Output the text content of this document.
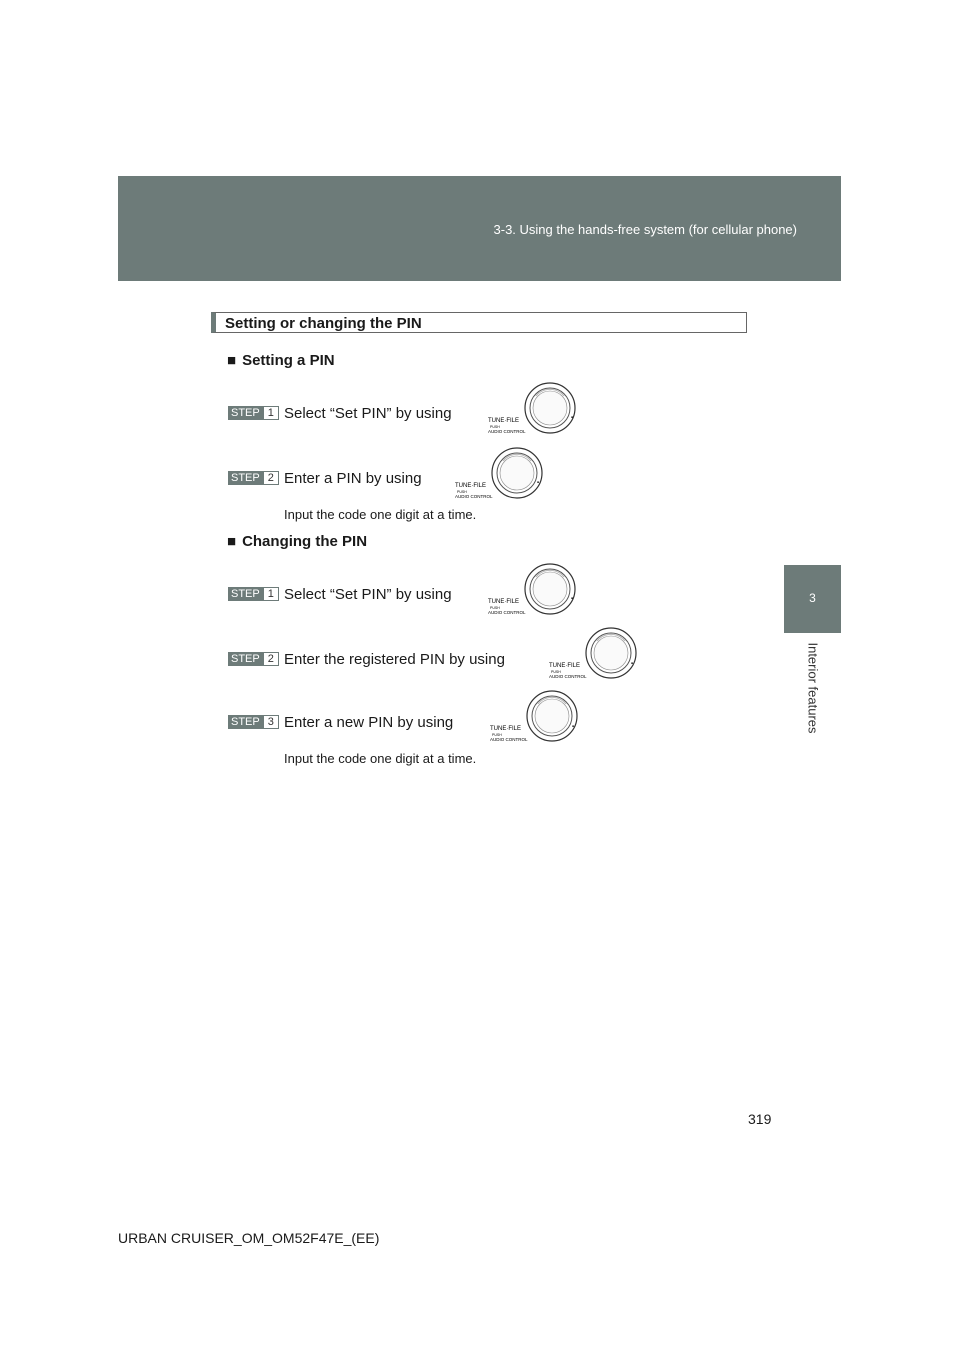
3-3. Using the hands-free system (for cellular phone)
3
Interior features
Setting or changing the PIN
■ Setting a PIN
STEP 1 Select “Set PIN” by using	TUNE·FILE
PUSH
AUDIO CONTROL
.
STEP 2 Enter a PIN by using	TUNE·FILE
PUSH
AUDIO CONTROL
.
Input the code one digit at a time.
■ Changing the PIN
STEP 1 Select “Set PIN” by using	TUNE·FILE
PUSH
AUDIO CONTROL
.
STEP 2 Enter the registered PIN by using	TUNE·FILE
PUSH
AUDIO CONTROL
.
STEP 3 Enter a new PIN by using	TUNE·FILE
PUSH
AUDIO CONTROL
.
Input the code one digit at a time.
319
URBAN CRUISER_OM_OM52F47E_(EE)
